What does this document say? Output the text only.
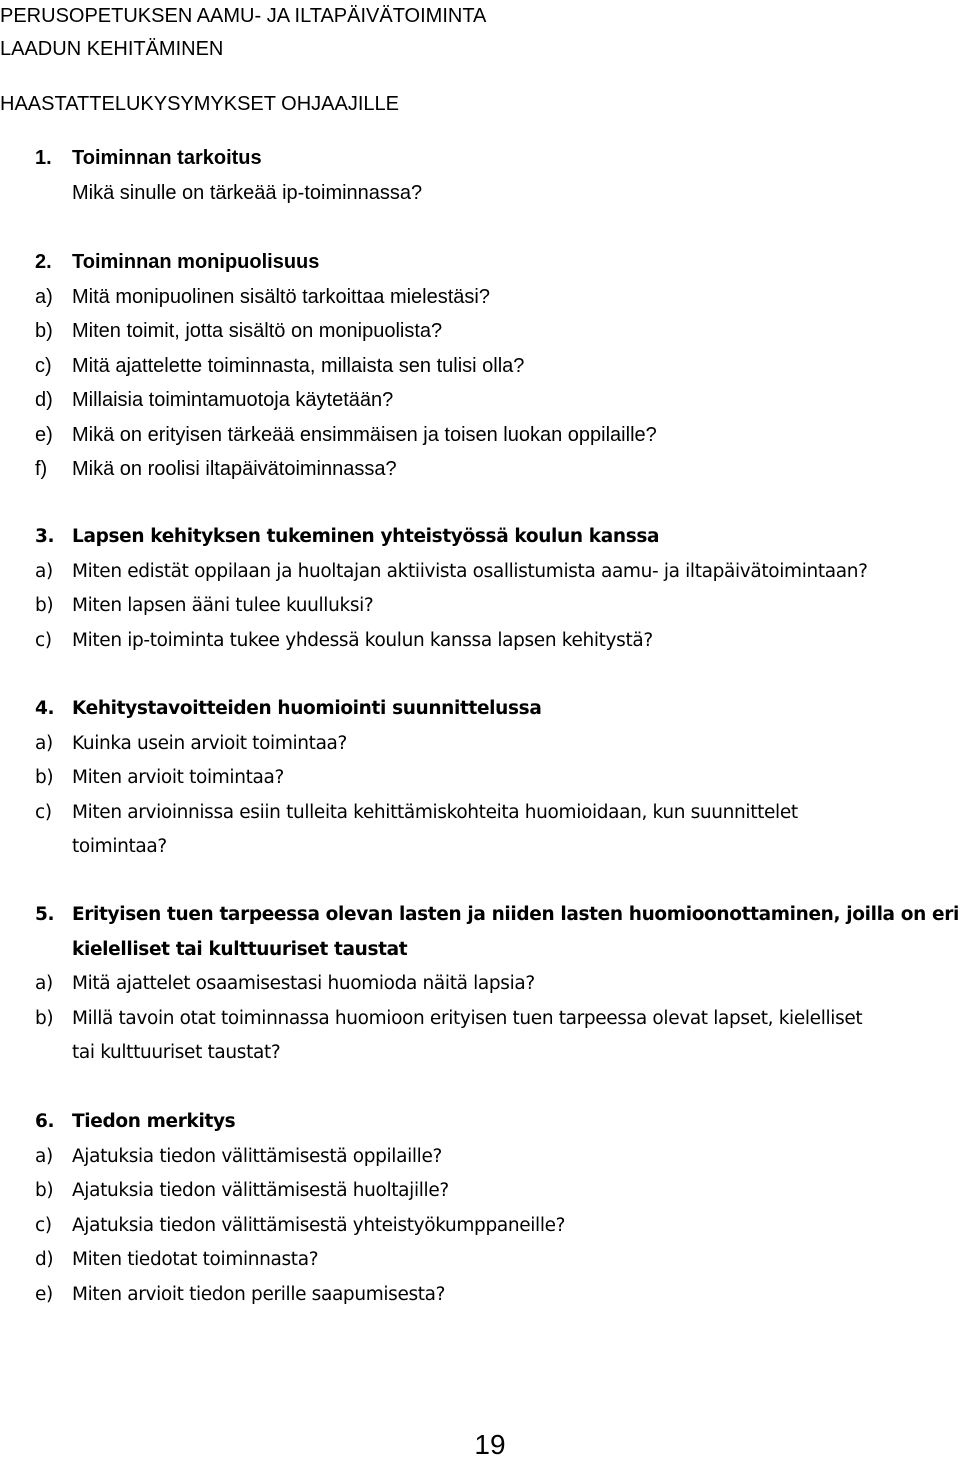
PERUSOPETUKSEN AAMU- JA ILTAPÄIVÄTOIMINTA
LAADUN KEHITÄMINEN
HAASTATTELUKYSYMYKSET OHJAAJILLE
1. Toiminnan tarkoitus
Mikä sinulle on tärkeää ip-toiminnassa?
2. Toiminnan monipuolisuus
a) Mitä monipuolinen sisältö tarkoittaa mielestäsi?
b) Miten toimit, jotta sisältö on monipuolista?
c) Mitä ajattelette toiminnasta, millaista sen tulisi olla?
d) Millaisia toimintamuotoja käytetään?
e) Mikä on erityisen tärkeää ensimmäisen ja toisen luokan oppilaille?
f) Mikä on roolisi iltapäivätoiminnassa?
3. Lapsen kehityksen tukeminen yhteistyössä koulun kanssa
a) Miten edistät oppilaan ja huoltajan aktiivista osallistumista aamu- ja iltapäivätoimintaan?
b) Miten lapsen ääni tulee kuulluksi?
c) Miten ip-toiminta tukee yhdessä koulun kanssa lapsen kehitystä?
4. Kehitystavoitteiden huomiointi suunnittelussa
a) Kuinka usein arvioit toimintaa?
b) Miten arvioit toimintaa?
c) Miten arvioinnissa esiin tulleita kehittämiskohteita huomioidaan, kun suunnittelet
toimintaa?
5. Erityisen tuen tarpeessa olevan lasten ja niiden lasten huomioonottaminen, joilla on eri
kielelliset tai kulttuuriset taustat
a) Mitä ajattelet osaamisestasi huomioda näitä lapsia?
b) Millä tavoin otat toiminnassa huomioon erityisen tuen tarpeessa olevat lapset, kielelliset
tai kulttuuriset taustat?
6. Tiedon merkitys
a) Ajatuksia tiedon välittämisestä oppilaille?
b) Ajatuksia tiedon välittämisestä huoltajille?
c) Ajatuksia tiedon välittämisestä yhteistyökumppaneille?
d) Miten tiedotat toiminnasta?
e) Miten arvioit tiedon perille saapumisesta?
19
